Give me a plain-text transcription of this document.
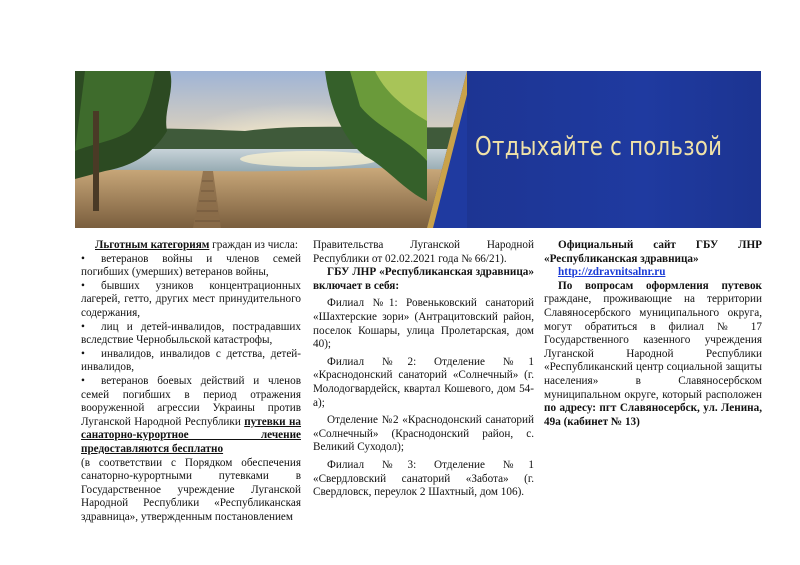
Отдыхайте с пользой

Льготным категориям граждан из числа:

• ветеранов войны и членов семей погибших (умерших) ветеранов войны,

• бывших узников концентрационных лагерей, гетто, других мест принудительного содержания,

• лиц и детей-инвалидов, пострадавших вследствие Чернобыльской катастрофы,

• инвалидов, инвалидов с детства, детей-инвалидов,

• ветеранов боевых действий и членов семей погибших в период отражения вооруженной агрессии Украины против Луганской Народной Республики путевки на санаторно-курортное лечение предоставляются бесплатно

(в соответствии с Порядком обеспечения санаторно-курортными путевками в Государственное учреждение Луганской Народной Республики «Республиканская здравница», утвержденным постановлением

Правительства Луганской Народной Республики от 02.02.2021 года № 66/21).

ГБУ ЛНР «Республиканская здравница» включает в себя:

Филиал №1: Ровеньковский санаторий «Шахтерские зори» (Антрацитовский район, поселок Кошары, улица Пролетарская, дом 40);

Филиал №2: Отделение №1 «Краснодонский санаторий «Солнечный» (г. Молодогвардейск, квартал Кошевого, дом 54-а);

Отделение №2 «Краснодонский санаторий «Солнечный» (Краснодонский район, с. Великий Суходол);

Филиал №3: Отделение №1 «Свердловский санаторий «Забота» (г. Свердловск, переулок 2 Шахтный, дом 106).

Официальный сайт ГБУ ЛНР «Республиканская здравница»

http://zdravnitsalnr.ru

По вопросам оформления путевок граждане, проживающие на территории Славяносербского муниципального округа, могут обратиться в филиал № 17 Государственного казенного учреждения Луганской Народной Республики «Республиканский центр социальной защиты населения» в Славяносербском муниципальном округе, который расположен по адресу: пгт Славяносербск, ул. Ленина, 49а (кабинет № 13)
